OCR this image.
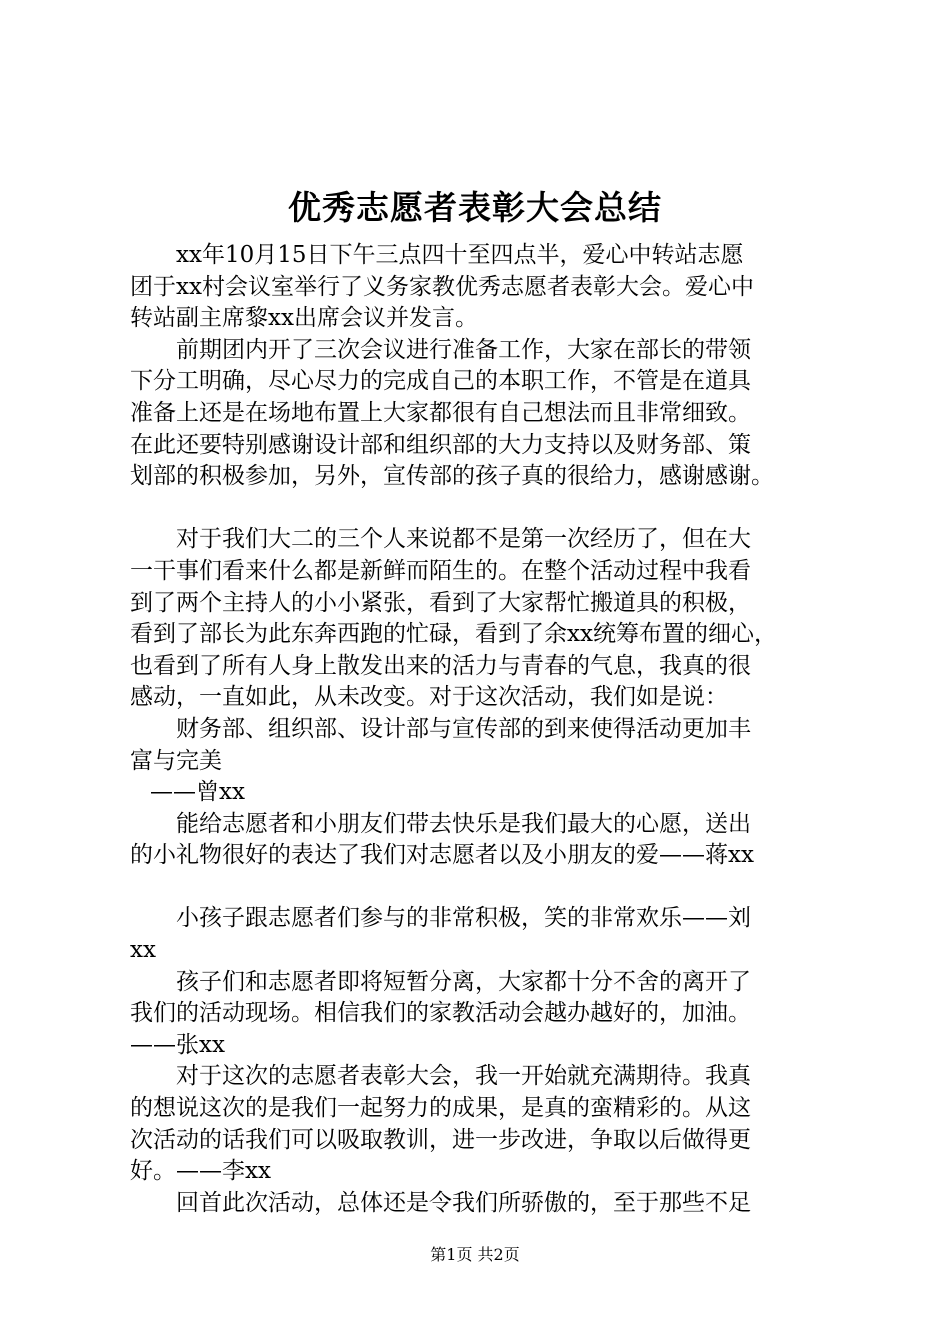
优秀志愿者表彰大会总结

xx年10月15日下午三点四十至四点半，爱心中转站志愿
团于xx村会议室举行了义务家教优秀志愿者表彰大会。爱心中
转站副主席黎xx出席会议并发言。

前期团内开了三次会议进行准备工作，大家在部长的带领
下分工明确，尽心尽力的完成自己的本职工作，不管是在道具
准备上还是在场地布置上大家都很有自己想法而且非常细致。
在此还要特别感谢设计部和组织部的大力支持以及财务部、策
划部的积极参加，另外，宣传部的孩子真的很给力，感谢感谢。

对于我们大二的三个人来说都不是第一次经历了，但在大
一干事们看来什么都是新鲜而陌生的。在整个活动过程中我看
到了两个主持人的小小紧张，看到了大家帮忙搬道具的积极，
看到了部长为此东奔西跑的忙碌，看到了余xx统筹布置的细心，
也看到了所有人身上散发出来的活力与青春的气息，我真的很
感动，一直如此，从未改变。对于这次活动，我们如是说：

财务部、组织部、设计部与宣传部的到来使得活动更加丰
富与完美

——曾xx

能给志愿者和小朋友们带去快乐是我们最大的心愿，送出
的小礼物很好的表达了我们对志愿者以及小朋友的爱——蒋xx

小孩子跟志愿者们参与的非常积极，笑的非常欢乐——刘
xx

孩子们和志愿者即将短暂分离，大家都十分不舍的离开了
我们的活动现场。相信我们的家教活动会越办越好的，加油。
——张xx

对于这次的志愿者表彰大会，我一开始就充满期待。我真
的想说这次的是我们一起努力的成果，是真的蛮精彩的。从这
次活动的话我们可以吸取教训，进一步改进，争取以后做得更
好。——李xx

回首此次活动，总体还是令我们所骄傲的，至于那些不足

第1页 共2页
